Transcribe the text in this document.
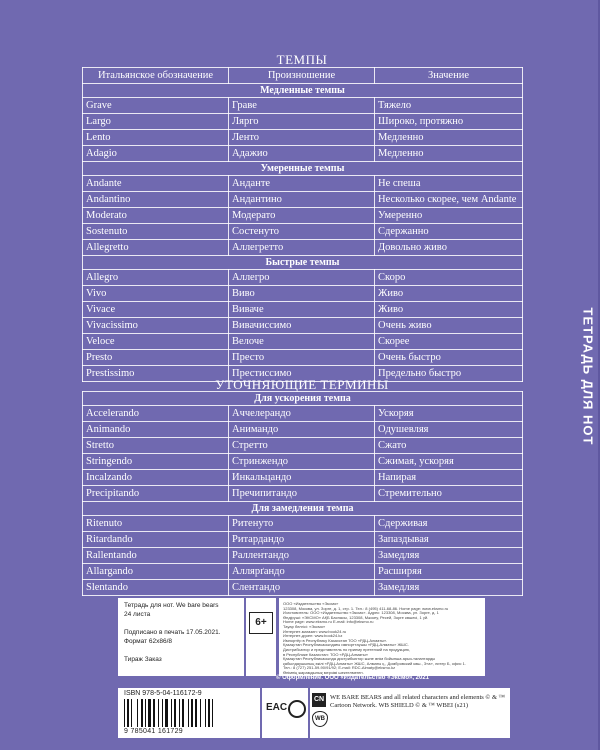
ТЕТРАДЬ ДЛЯ НОТ
ТЕМПЫ
Итальянское обозначение	Произношение	Значение
Медленные темпы		
Grave	Граве	Тяжело
Largo	Лярго	Широко, протяжно
Lento	Ленто	Медленно
Adagio	Адажио	Медленно
Умеренные темпы		
Andante	Андантe	Не спеша
Andantino	Андантино	Несколько скорее, чем Andante
Moderato	Модерато	Умеренно
Sostenuto	Состенуто	Сдержанно
Allegretto	Аллегретто	Довольно живо
Быстрые темпы		
Allegro	Аллегро	Скоро
Vivo	Виво	Живо
Vivace	Виваче	Живо
Vivacissimo	Вивачиссимо	Очень живо
Veloce	Велоче	Скорее
Presto	Престо	Очень быстро
Prestissimo	Престиссимо	Предельно быстро
УТОЧНЯЮЩИЕ ТЕРМИНЫ
Для ускорения темпа		
Accelerando	Аччелерандо	Ускоряя
Animando	Анимандо	Одушевляя
Stretto	Стретто	Сжато
Stringendo	Стринжендо	Сжимая, ускоряя
Incalzando	Инкальцандо	Напирая
Precipitando	Пречипитандо	Стремительно
Для замедления темпа		
Ritenuto	Ритенуто	Сдерживая
Ritardando	Ритардандо	Запаздывая
Rallentando	Раллентандо	Замедляя
Allargando	Аллярґандо	Расширяя
Slentando	Слентандо	Замедляя
Тетрадь для нот. We bare bears
24 листа
Подписано в печать 17.05.2021.
Формат 62х86/8
Тираж Заказ
6+
ООО «Издательство «Эксмо»
123308, Москва, ул. Зорге, д. 1, стр. 1. Тел.: 8 (495) 411-68-86. Home page: www.eksmo.ru
Изготовитель: ООО «Издательство «Эксмо». Адрес: 123308, Москва, ул. Зорге, д. 1
Өндіруші: «ЭКСМО» АҚБ Баспасы, 123308, Мәскеу, Ресей, Зорге көшесі, 1 үй.
Home page: www.eksmo.ru E-mail: info@eksmo.ru
Тауар белгісі: «Эксмо»
Интернет-магазин: www.book24.ru
Интернет-дүкен: www.book24.kz
Импортёр в Республику Казахстан ТОО «РДЦ-Алматы».
Қазақстан Республикасындағы импорттаушы «РДЦ-Алматы» ЖШС.
Дистрибьютор и представитель по приему претензий на продукцию,
в Республике Казахстан: ТОО «РДЦ-Алматы»
Қазақстан Республикасында дистрибьютор және өнім бойынша арыз-талаптарды
қабылдаушының өкілі «РДЦ-Алматы» ЖШС, Алматы қ., Домбровский көш., 3«а», литер Б, офис 1.
Тел.: 8 (727) 251-59-90/91/92; E-mail: RDC-Almaty@eksmo.kz
Өнімнің жарамдылық мерзімі шектелмеген.
© Оформление. ООО «Издательство «Эксмо», 2021
ISBN 978-5-04-116172-9
9 785041 161729
EAC
CN
WB
WE BARE BEARS and all related characters and elements © & ™ Cartoon Network. WB SHIELD © & ™ WBEI (s21)
